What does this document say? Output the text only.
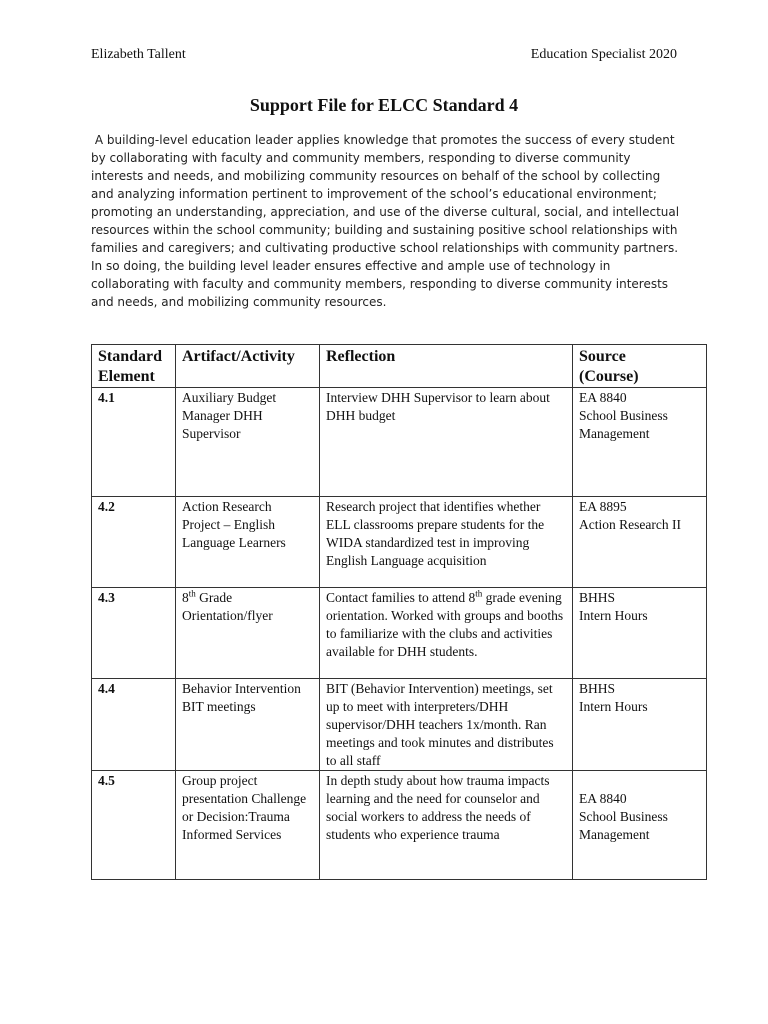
Elizabeth Tallent	Education Specialist 2020
Support File for ELCC Standard 4
A building-level education leader applies knowledge that promotes the success of every student by collaborating with faculty and community members, responding to diverse community interests and needs, and mobilizing community resources on behalf of the school by collecting and analyzing information pertinent to improvement of the school’s educational environment; promoting an understanding, appreciation, and use of the diverse cultural, social, and intellectual resources within the school community; building and sustaining positive school relationships with families and caregivers; and cultivating productive school relationships with community partners. In so doing, the building level leader ensures effective and ample use of technology in collaborating with faculty and community members, responding to diverse community interests and needs, and mobilizing community resources.
Standard
Element	Artifact/Activity	Reflection	Source
(Course)
4.1	Auxiliary Budget Manager DHH Supervisor	Interview DHH Supervisor to learn about DHH budget	EA 8840
School Business Management
4.2	Action Research Project – English Language Learners	Research project that identifies whether ELL classrooms prepare students for the WIDA standardized test in improving English Language acquisition	EA 8895
Action Research II
4.3	8th Grade Orientation/flyer	Contact families to attend 8th grade evening orientation. Worked with groups and booths to familiarize with the clubs and activities available for DHH students.	BHHS
Intern Hours
4.4	Behavior Intervention BIT meetings	BIT (Behavior Intervention) meetings, set up to meet with interpreters/DHH supervisor/DHH teachers 1x/month. Ran meetings and took minutes and distributes to all staff	BHHS
Intern Hours
4.5	Group project presentation Challenge or Decision:Trauma Informed Services	In depth study about how trauma impacts learning and the need for counselor and social workers to address the needs of students who experience trauma	EA 8840
School Business Management
